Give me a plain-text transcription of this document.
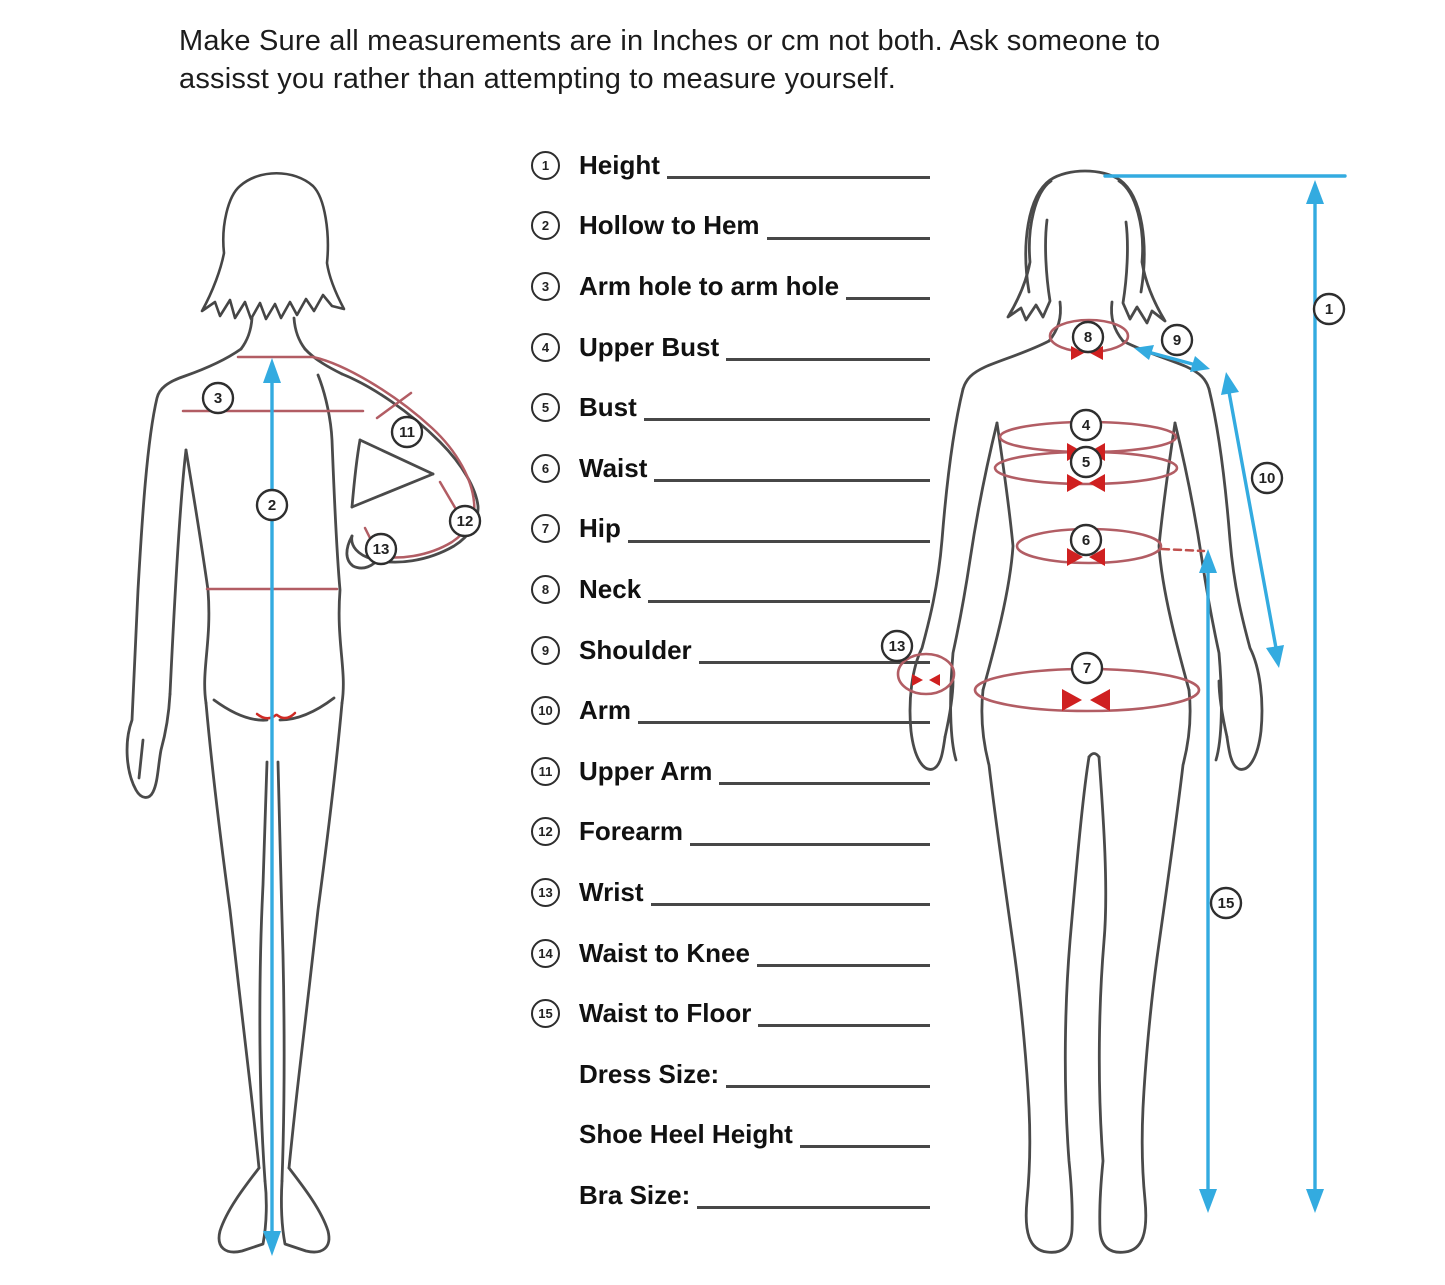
Make Sure all measurements are in Inches or cm not both. Ask someone to
assisst you rather than attempting to measure yourself.
1	Height
2	Hollow to Hem
3	Arm hole to arm hole
4	Upper Bust
5	Bust
6	Waist
7	Hip
8	Neck
9	Shoulder
10 Arm
11 Upper Arm
12 Forearm
13 Wrist
14 Waist to Knee
15 Waist to Floor
Dress Size:
Shoe Heel Height
Bra Size:
3
2
11
12
13
8	9
4
5
10
6
13
7
1
15
